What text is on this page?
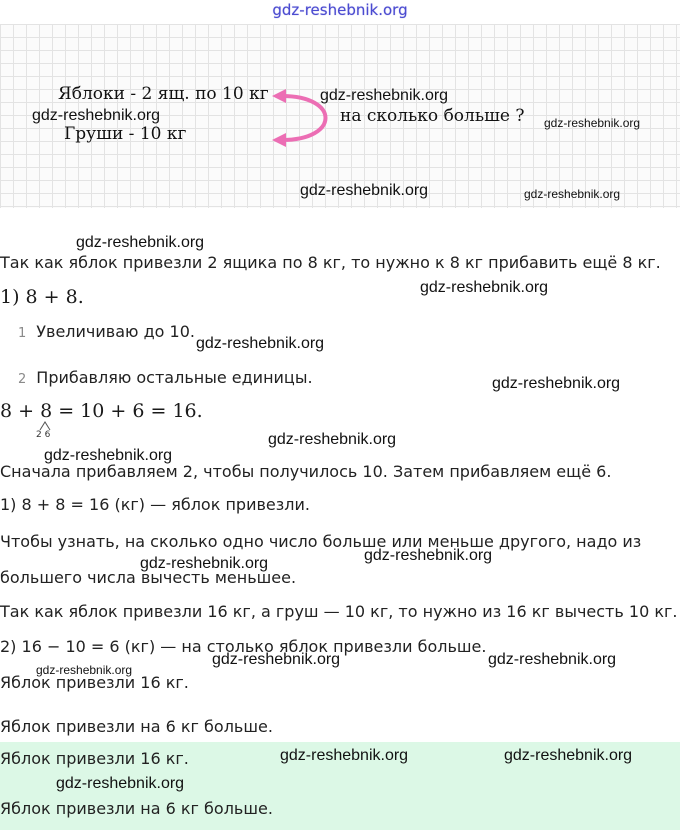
gdz-reshebnik.org
Яблоки - 2 ящ. по 10 кг
Груши - 10 кг
на сколько больше ?
gdz-reshebnik.org
gdz-reshebnik.org	gdz-reshebnik.org
gdz-reshebnik.org	gdz-reshebnik.org
Так как яблок привезли 2 ящика по 8 кг, то нужно к 8 кг прибавить ещё 8 кг.
1) 8 + 8.
1 Увеличиваю до 10.
2 Прибавляю остальные единицы.
8 + 8 = 10 + 6 = 16.
2 6
Сначала прибавляем 2, чтобы получилось 10. Затем прибавляем ещё 6.
1) 8 + 8 = 16 (кг) — яблок привезли.
Чтобы узнать, на сколько одно число больше или меньше другого, надо из
большего числа вычесть меньшее.
Так как яблок привезли 16 кг, а груш — 10 кг, то нужно из 16 кг вычесть 10 кг.
2) 16 − 10 = 6 (кг) — на столько яблок привезли больше.
Яблок привезли 16 кг.
Яблок привезли на 6 кг больше.
Яблок привезли 16 кг.
Яблок привезли на 6 кг больше.
gdz-reshebnik.org
gdz-reshebnik.org
gdz-reshebnik.org
gdz-reshebnik.org
gdz-reshebnik.org
gdz-reshebnik.org
gdz-reshebnik.org
gdz-reshebnik.org
gdz-reshebnik.org	gdz-reshebnik.org
gdz-reshebnik.org
gdz-reshebnik.org	gdz-reshebnik.org
gdz-reshebnik.org
